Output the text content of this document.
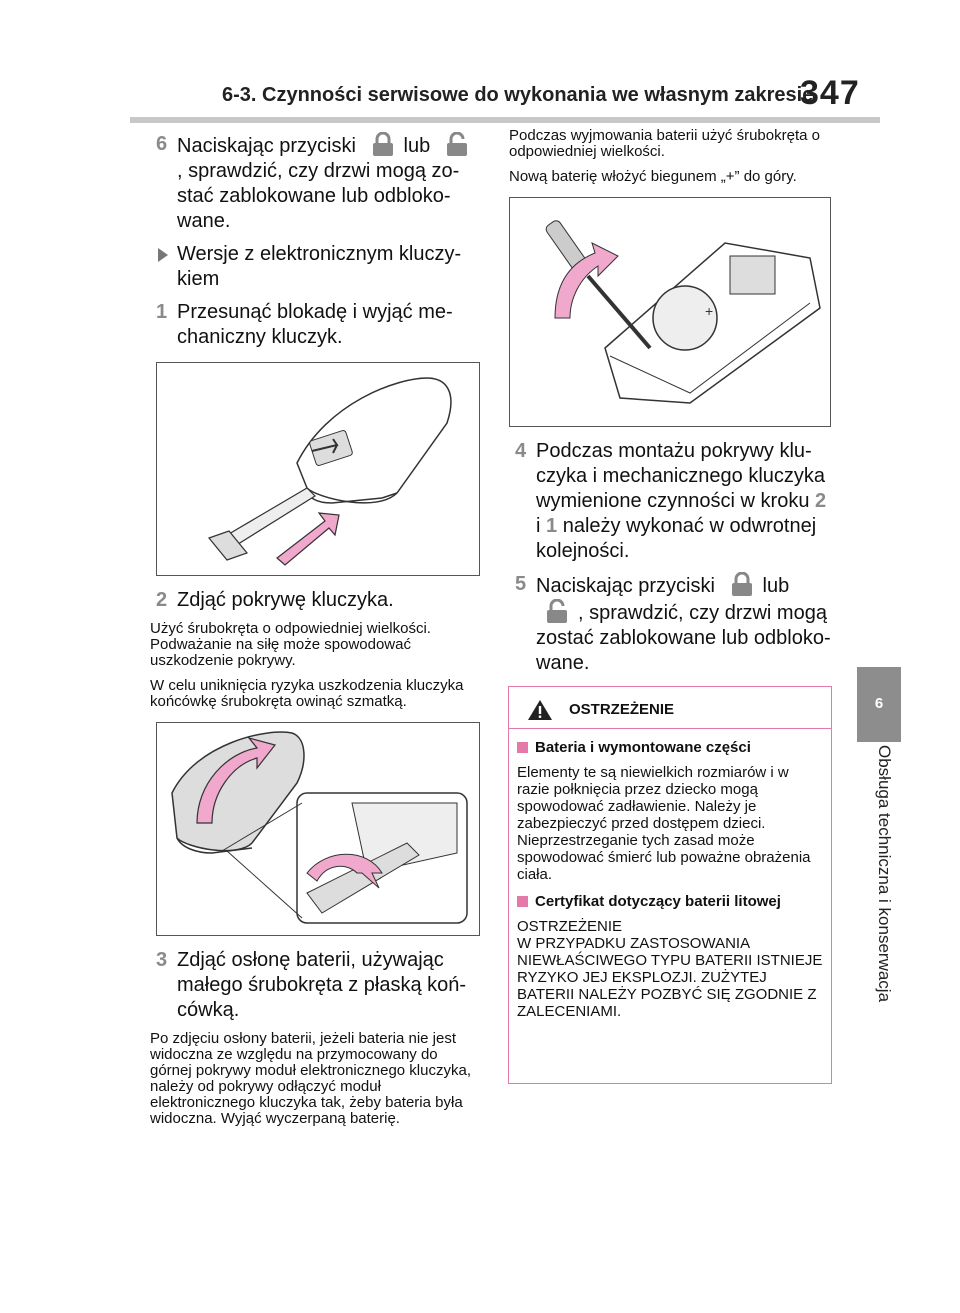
6-3. Czynności serwisowe do wykonania we własnym zakresie
347
6
Obsługa techniczna i konserwacja
6 Naciskając przyciski lub , sprawdzić, czy drzwi mogą zostać zablokowane lub odblokowane.
Wersje z elektronicznym kluczykiem
1 Przesunąć blokadę i wyjąć mechaniczny kluczyk.
2 Zdjąć pokrywę kluczyka.
Użyć śrubokręta o odpowiedniej wielkości. Podważanie na siłę może spowodować uszkodzenie pokrywy.
W celu uniknięcia ryzyka uszkodzenia kluczyka końcówkę śrubokręta owinąć szmatką.
3 Zdjąć osłonę baterii, używając małego śrubokręta z płaską końcówką.
Po zdjęciu osłony baterii, jeżeli bateria nie jest widoczna ze względu na przymocowany do górnej pokrywy moduł elektronicznego kluczyka, należy od pokrywy odłączyć moduł elektronicznego kluczyka tak, żeby bateria była widoczna. Wyjąć wyczerpaną baterię.
Podczas wyjmowania baterii użyć śrubokręta o odpowiedniej wielkości.
Nową baterię włożyć biegunem „+” do góry.
+
4 Podczas montażu pokrywy kluczyka i mechanicznego kluczyka wymienione czynności w kroku 2 i 1 należy wykonać w odwrotnej kolejności.
5 Naciskając przyciski lub , sprawdzić, czy drzwi mogą zostać zablokowane lub odblokowane.
OSTRZEŻENIE
Bateria i wymontowane części
Elementy te są niewielkich rozmiarów i w razie połknięcia przez dziecko mogą spowodować zadławienie. Należy je zabezpieczyć przed dostępem dzieci. Nieprzestrzeganie tych zasad może spowodować śmierć lub poważne obrażenia ciała.
Certyfikat dotyczący baterii litowej
OSTRZEŻENIE
W PRZYPADKU ZASTOSOWANIA NIEWŁAŚCIWEGO TYPU BATERII ISTNIEJE RYZYKO JEJ EKSPLOZJI. ZUŻYTEJ BATERII NALEŻY POZBYĆ SIĘ ZGODNIE Z ZALECENIAMI.
